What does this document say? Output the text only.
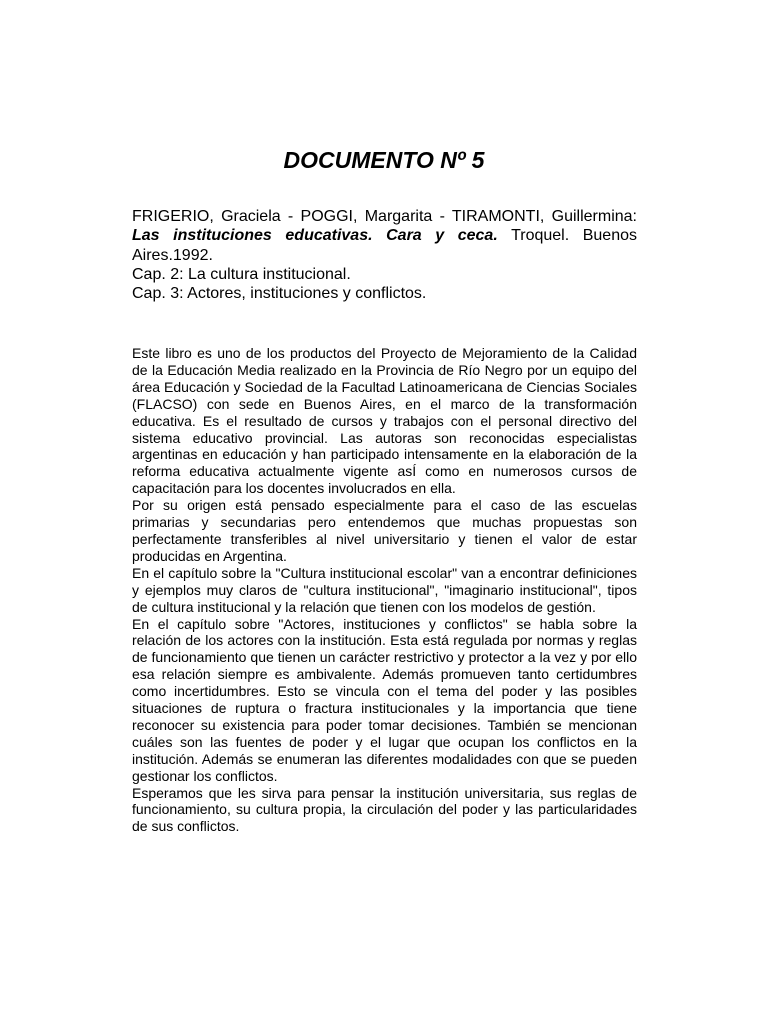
DOCUMENTO Nº 5
FRIGERIO, Graciela - POGGI, Margarita - TIRAMONTI, Guillermina: Las instituciones educativas. Cara y ceca. Troquel. Buenos Aires.1992.
Cap. 2: La cultura institucional.
Cap. 3: Actores, instituciones y conflictos.

Este libro es uno de los productos del Proyecto de Mejoramiento de la Calidad de la Educación Media realizado en la Provincia de Río Negro por un equipo del área Educación y Sociedad de la Facultad Latinoamericana de Ciencias Sociales (FLACSO) con sede en Buenos Aires, en el marco de la transformación educativa. Es el resultado de cursos y trabajos con el personal directivo del sistema educativo provincial. Las autoras son reconocidas especialistas argentinas en educación y han participado intensamente en la elaboración de la reforma educativa actualmente vigente asÍ como en numerosos cursos de capacitación para los docentes involucrados en ella.

Por su origen está pensado especialmente para el caso de las escuelas primarias y secundarias pero entendemos que muchas propuestas son perfectamente transferibles al nivel universitario y tienen el valor de estar producidas en Argentina.

En el capítulo sobre la "Cultura institucional escolar" van a encontrar definiciones y ejemplos muy claros de "cultura institucional", "imaginario institucional", tipos de cultura institucional y la relación que tienen con los modelos de gestión.

En el capítulo sobre "Actores, instituciones y conflictos" se habla sobre la relación de los actores con la institución. Esta está regulada por normas y reglas de funcionamiento que tienen un carácter restrictivo y protector a la vez y por ello esa relación siempre es ambivalente. Además promueven tanto certidumbres como incertidumbres. Esto se vincula con el tema del poder y las posibles situaciones de ruptura o fractura institucionales y la importancia que tiene reconocer su existencia para poder tomar decisiones. También se mencionan cuáles son las fuentes de poder y el lugar que ocupan los conflictos en la institución. Además se enumeran las diferentes modalidades con que se pueden gestionar los conflictos.

Esperamos que les sirva para pensar la institución universitaria, sus reglas de funcionamiento, su cultura propia, la circulación del poder y las particularidades de sus conflictos.
